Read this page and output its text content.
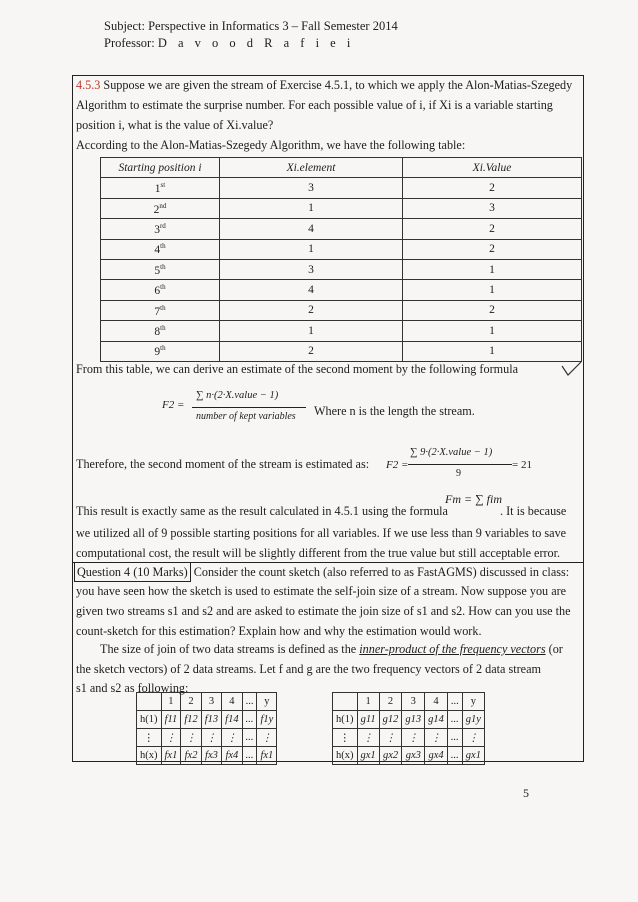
Subject: Perspective in Informatics 3 – Fall Semester 2014
Professor: D a v o o d R a f i e i
4.5.3 Suppose we are given the stream of Exercise 4.5.1, to which we apply the Alon-Matias-Szegedy
Algorithm to estimate the surprise number. For each possible value of i, if Xi is a variable starting
position i, what is the value of Xi.value?
According to the Alon-Matias-Szegedy Algorithm, we have the following table:
Starting position i	Xi.element	Xi.Value
1st	3	2
2nd	1	3
3rd	4	2
4th	1	2
5th	3	1
6th	4	1
7th	2	2
8th	1	1
9th	2	1
From this table, we can derive an estimate of the second moment by the following formula
F2 =
∑ n·(2·X.value − 1)
number of kept variables Where n is the length the stream.
Therefore, the second moment of the stream is estimated as: F2 =
∑ 9·(2·X.value − 1)
9
= 21
Fm = ∑ fim
This result is exactly same as the result calculated in 4.5.1 using the formula	. It is because
we utilized all of 9 possible starting positions for all variables. If we use less than 9 variables to save
computational cost, the result will be slightly different from the true value but still acceptable error.
Question 4 (10 Marks) Consider the count sketch (also referred to as FastAGMS) discussed in class:
you have seen how the sketch is used to estimate the self-join size of a stream. Now suppose you are
given two streams s1 and s2 and are asked to estimate the join size of s1 and s2. How can you use the
count-sketch for this estimation? Explain how and why the estimation would work.
The size of join of two data streams is defined as the inner-product of the frequency vectors (or
the sketch vectors) of 2 data streams. Let f and g are the two frequency vectors of 2 data stream
s1 and s2 as following:
	1	2	3	4	...	y
h(1)	f11	f12	f13	f14	...	f1y
⋮	⋮	⋮	⋮	⋮	...	⋮
h(x)	fx1	fx2	fx3	fx4	...	fx1
	1	2	3	4	...	y
h(1)	g11	g12	g13	g14	...	g1y
⋮	⋮	⋮	⋮	⋮	...	⋮
h(x)	gx1	gx2	gx3	gx4	...	gx1
5
